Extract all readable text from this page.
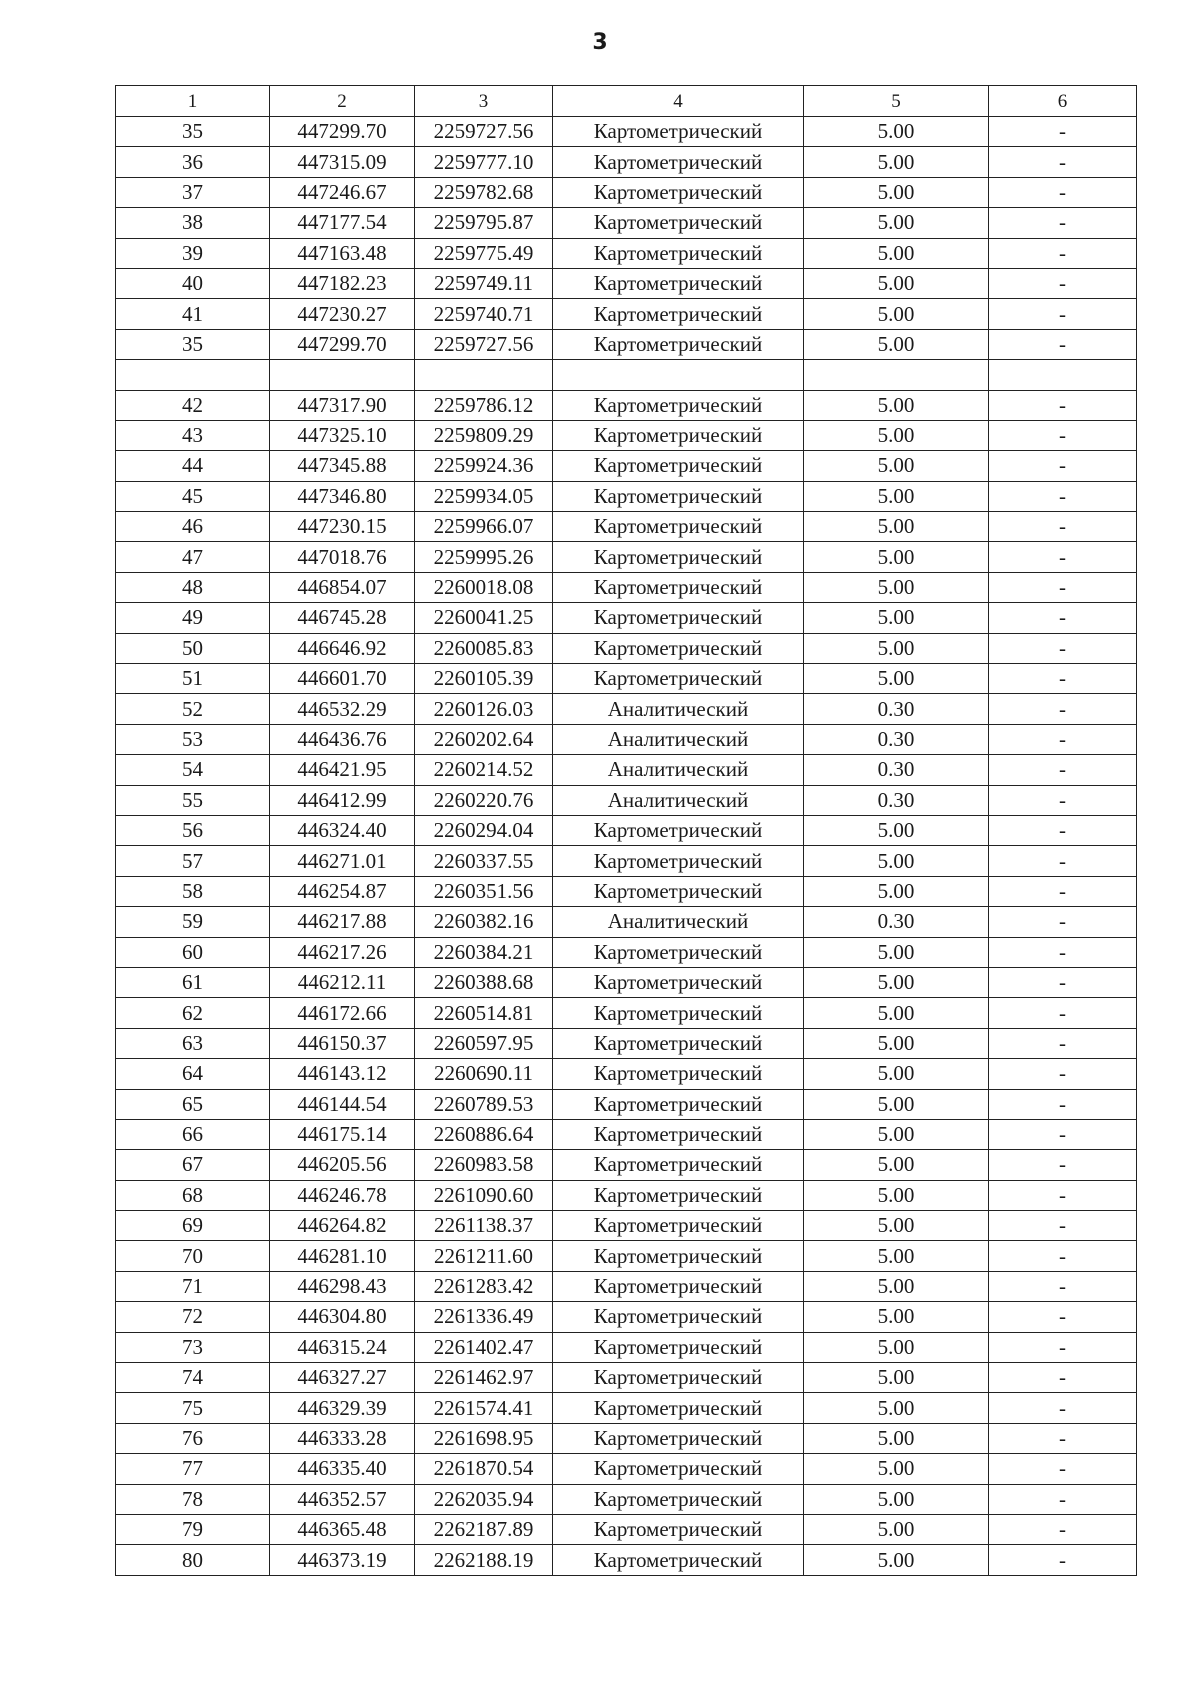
3
1	2	3	4	5	6
35	447299.70	2259727.56	Картометрический	5.00	-
36	447315.09	2259777.10	Картометрический	5.00	-
37	447246.67	2259782.68	Картометрический	5.00	-
38	447177.54	2259795.87	Картометрический	5.00	-
39	447163.48	2259775.49	Картометрический	5.00	-
40	447182.23	2259749.11	Картометрический	5.00	-
41	447230.27	2259740.71	Картометрический	5.00	-
35	447299.70	2259727.56	Картометрический	5.00	-

42	447317.90	2259786.12	Картометрический	5.00	-
43	447325.10	2259809.29	Картометрический	5.00	-
44	447345.88	2259924.36	Картометрический	5.00	-
45	447346.80	2259934.05	Картометрический	5.00	-
46	447230.15	2259966.07	Картометрический	5.00	-
47	447018.76	2259995.26	Картометрический	5.00	-
48	446854.07	2260018.08	Картометрический	5.00	-
49	446745.28	2260041.25	Картометрический	5.00	-
50	446646.92	2260085.83	Картометрический	5.00	-
51	446601.70	2260105.39	Картометрический	5.00	-
52	446532.29	2260126.03	Аналитический	0.30	-
53	446436.76	2260202.64	Аналитический	0.30	-
54	446421.95	2260214.52	Аналитический	0.30	-
55	446412.99	2260220.76	Аналитический	0.30	-
56	446324.40	2260294.04	Картометрический	5.00	-
57	446271.01	2260337.55	Картометрический	5.00	-
58	446254.87	2260351.56	Картометрический	5.00	-
59	446217.88	2260382.16	Аналитический	0.30	-
60	446217.26	2260384.21	Картометрический	5.00	-
61	446212.11	2260388.68	Картометрический	5.00	-
62	446172.66	2260514.81	Картометрический	5.00	-
63	446150.37	2260597.95	Картометрический	5.00	-
64	446143.12	2260690.11	Картометрический	5.00	-
65	446144.54	2260789.53	Картометрический	5.00	-
66	446175.14	2260886.64	Картометрический	5.00	-
67	446205.56	2260983.58	Картометрический	5.00	-
68	446246.78	2261090.60	Картометрический	5.00	-
69	446264.82	2261138.37	Картометрический	5.00	-
70	446281.10	2261211.60	Картометрический	5.00	-
71	446298.43	2261283.42	Картометрический	5.00	-
72	446304.80	2261336.49	Картометрический	5.00	-
73	446315.24	2261402.47	Картометрический	5.00	-
74	446327.27	2261462.97	Картометрический	5.00	-
75	446329.39	2261574.41	Картометрический	5.00	-
76	446333.28	2261698.95	Картометрический	5.00	-
77	446335.40	2261870.54	Картометрический	5.00	-
78	446352.57	2262035.94	Картометрический	5.00	-
79	446365.48	2262187.89	Картометрический	5.00	-
80	446373.19	2262188.19	Картометрический	5.00	-
